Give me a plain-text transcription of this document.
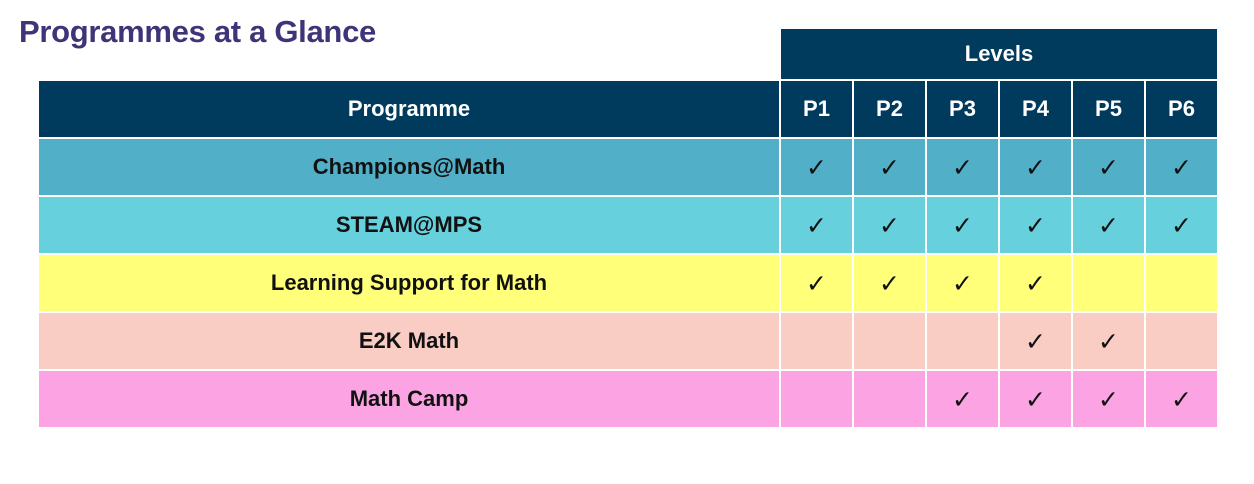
Programmes at a Glance
	Levels					
Programme	P1	P2	P3	P4	P5	P6
Champions@Math	✓	✓	✓	✓	✓	✓
STEAM@MPS	✓	✓	✓	✓	✓	✓
Learning Support for Math	✓	✓	✓	✓		
E2K Math				✓	✓	
Math Camp			✓	✓	✓	✓
